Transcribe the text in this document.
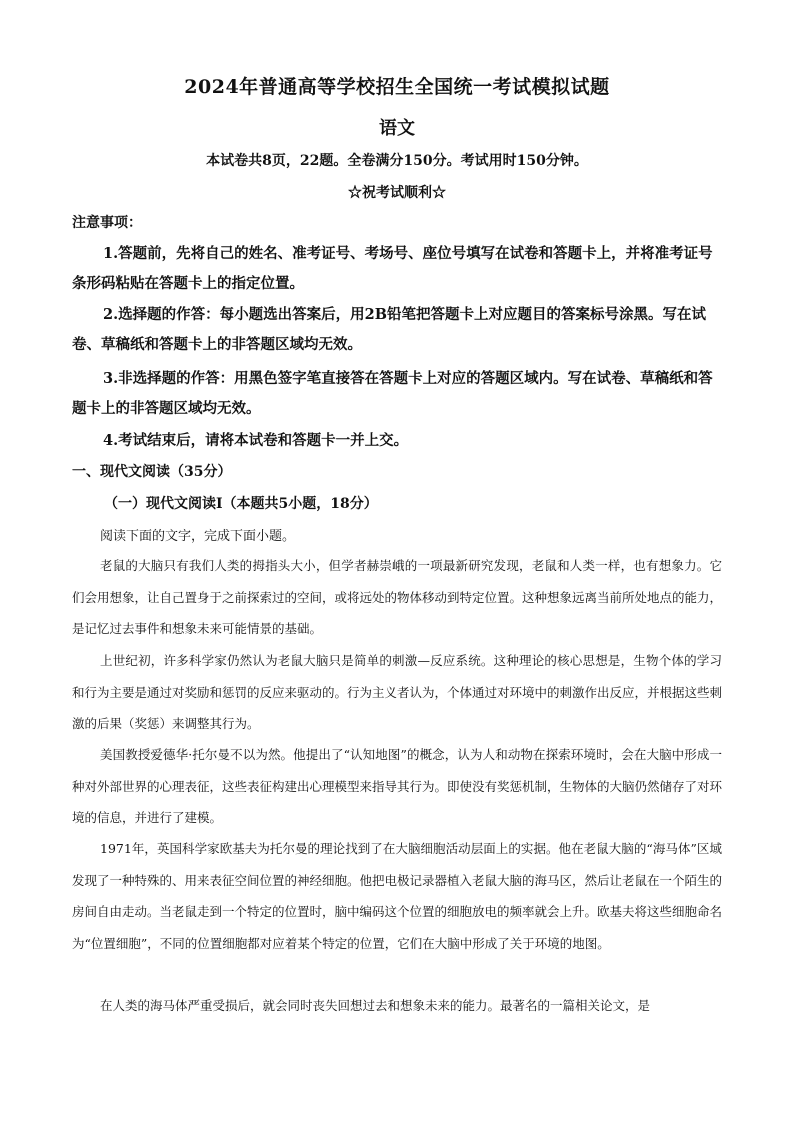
2024年普通高等学校招生全国统一考试模拟试题
语文
本试卷共8页，22题。全卷满分150分。考试用时150分钟。
☆祝考试顺利☆
注意事项：
1.答题前，先将自己的姓名、准考证号、考场号、座位号填写在试卷和答题卡上，并将准考证号条形码粘贴在答题卡上的指定位置。
2.选择题的作答：每小题选出答案后，用2B铅笔把答题卡上对应题目的答案标号涂黑。写在试卷、草稿纸和答题卡上的非答题区域均无效。
3.非选择题的作答：用黑色签字笔直接答在答题卡上对应的答题区域内。写在试卷、草稿纸和答题卡上的非答题区域均无效。
4.考试结束后，请将本试卷和答题卡一并上交。
一、现代文阅读（35分）
（一）现代文阅读Ⅰ（本题共5小题，18分）
阅读下面的文字，完成下面小题。
老鼠的大脑只有我们人类的拇指头大小，但学者赫崇峨的一项最新研究发现，老鼠和人类一样，也有想象力。它们会用想象，让自己置身于之前探索过的空间，或将远处的物体移动到特定位置。这种想象远离当前所处地点的能力，是记忆过去事件和想象未来可能情景的基础。
上世纪初，许多科学家仍然认为老鼠大脑只是简单的刺激—反应系统。这种理论的核心思想是，生物个体的学习和行为主要是通过对奖励和惩罚的反应来驱动的。行为主义者认为，个体通过对环境中的刺激作出反应，并根据这些刺激的后果（奖惩）来调整其行为。
美国教授爱德华·托尔曼不以为然。他提出了“认知地图”的概念，认为人和动物在探索环境时，会在大脑中形成一种对外部世界的心理表征，这些表征构建出心理模型来指导其行为。即使没有奖惩机制，生物体的大脑仍然储存了对环境的信息，并进行了建模。
1971年，英国科学家欧基夫为托尔曼的理论找到了在大脑细胞活动层面上的实据。他在老鼠大脑的“海马体”区域发现了一种特殊的、用来表征空间位置的神经细胞。他把电极记录器植入老鼠大脑的海马区，然后让老鼠在一个陌生的房间自由走动。当老鼠走到一个特定的位置时，脑中编码这个位置的细胞放电的频率就会上升。欧基夫将这些细胞命名为“位置细胞”，不同的位置细胞都对应着某个特定的位置，它们在大脑中形成了关于环境的地图。
在人类的海马体严重受损后，就会同时丧失回想过去和想象未来的能力。最著名的一篇相关论文，是
